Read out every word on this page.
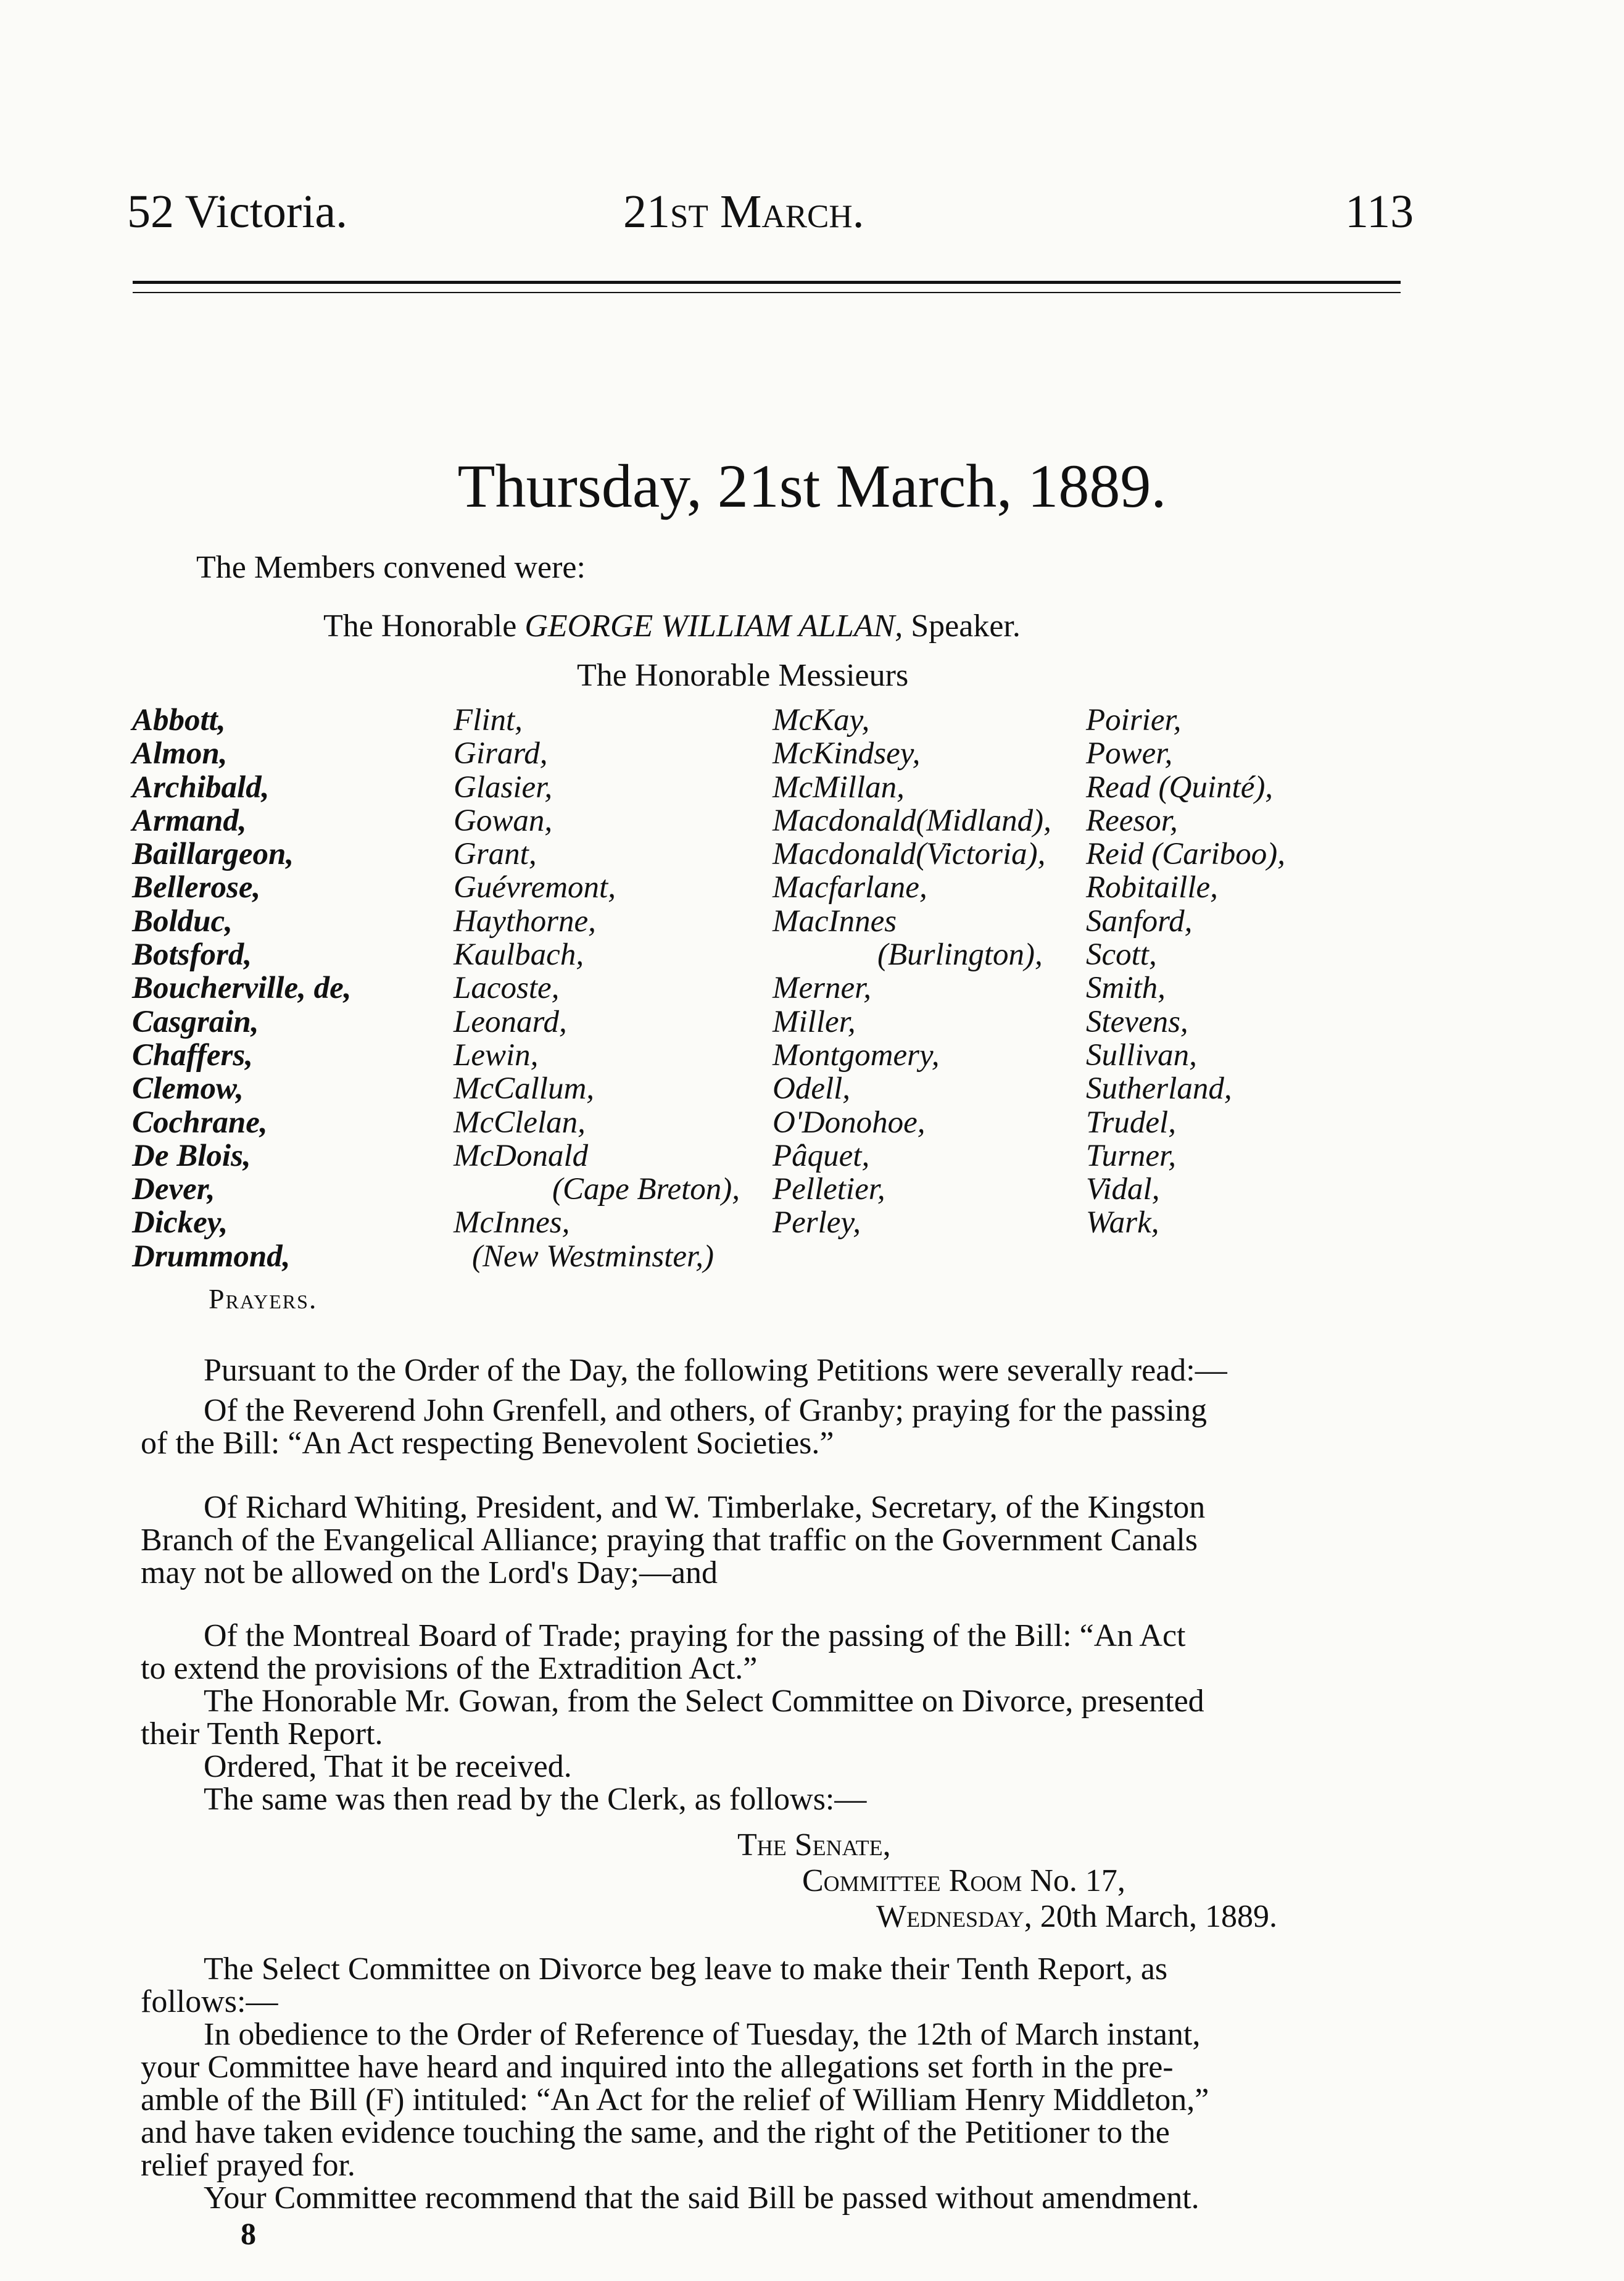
52 Victoria.	21st March.	113
Thursday, 21st March, 1889.
The Members convened were:
The Honorable GEORGE WILLIAM ALLAN, Speaker.
The Honorable Messieurs
Abbott,
Almon,
Archibald,
Armand,
Baillargeon,
Bellerose,
Bolduc,
Botsford,
Boucherville, de,
Casgrain,
Chaffers,
Clemow,
Cochrane,
De Blois,
Dever,
Dickey,
Drummond,
Flint,
Girard,
Glasier,
Gowan,
Grant,
Guévremont,
Haythorne,
Kaulbach,
Lacoste,
Leonard,
Lewin,
McCallum,
McClelan,
McDonald
(Cape Breton),
McInnes,
(New Westminster,)
McKay,
McKindsey,
McMillan,
Macdonald(Midland),
Macdonald(Victoria),
Macfarlane,
MacInnes
(Burlington),
Merner,
Miller,
Montgomery,
Odell,
O'Donohoe,
Pâquet,
Pelletier,
Perley,
Poirier,
Power,
Read (Quinté),
Reesor,
Reid (Cariboo),
Robitaille,
Sanford,
Scott,
Smith,
Stevens,
Sullivan,
Sutherland,
Trudel,
Turner,
Vidal,
Wark,
Prayers.
Pursuant to the Order of the Day, the following Petitions were severally read:—
Of the Reverend John Grenfell, and others, of Granby; praying for the passing
of the Bill: “An Act respecting Benevolent Societies.”
Of Richard Whiting, President, and W. Timberlake, Secretary, of the Kingston
Branch of the Evangelical Alliance; praying that traffic on the Government Canals
may not be allowed on the Lord's Day;—and
Of the Montreal Board of Trade; praying for the passing of the Bill: “An Act
to extend the provisions of the Extradition Act.”
The Honorable Mr. Gowan, from the Select Committee on Divorce, presented
their Tenth Report.
Ordered, That it be received.
The same was then read by the Clerk, as follows:—
The Senate,
Committee Room No. 17,
Wednesday, 20th March, 1889.
The Select Committee on Divorce beg leave to make their Tenth Report, as
follows:—
In obedience to the Order of Reference of Tuesday, the 12th of March instant,
your Committee have heard and inquired into the allegations set forth in the pre-
amble of the Bill (F) intituled: “An Act for the relief of William Henry Middleton,”
and have taken evidence touching the same, and the right of the Petitioner to the
relief prayed for.
Your Committee recommend that the said Bill be passed without amendment.
8
